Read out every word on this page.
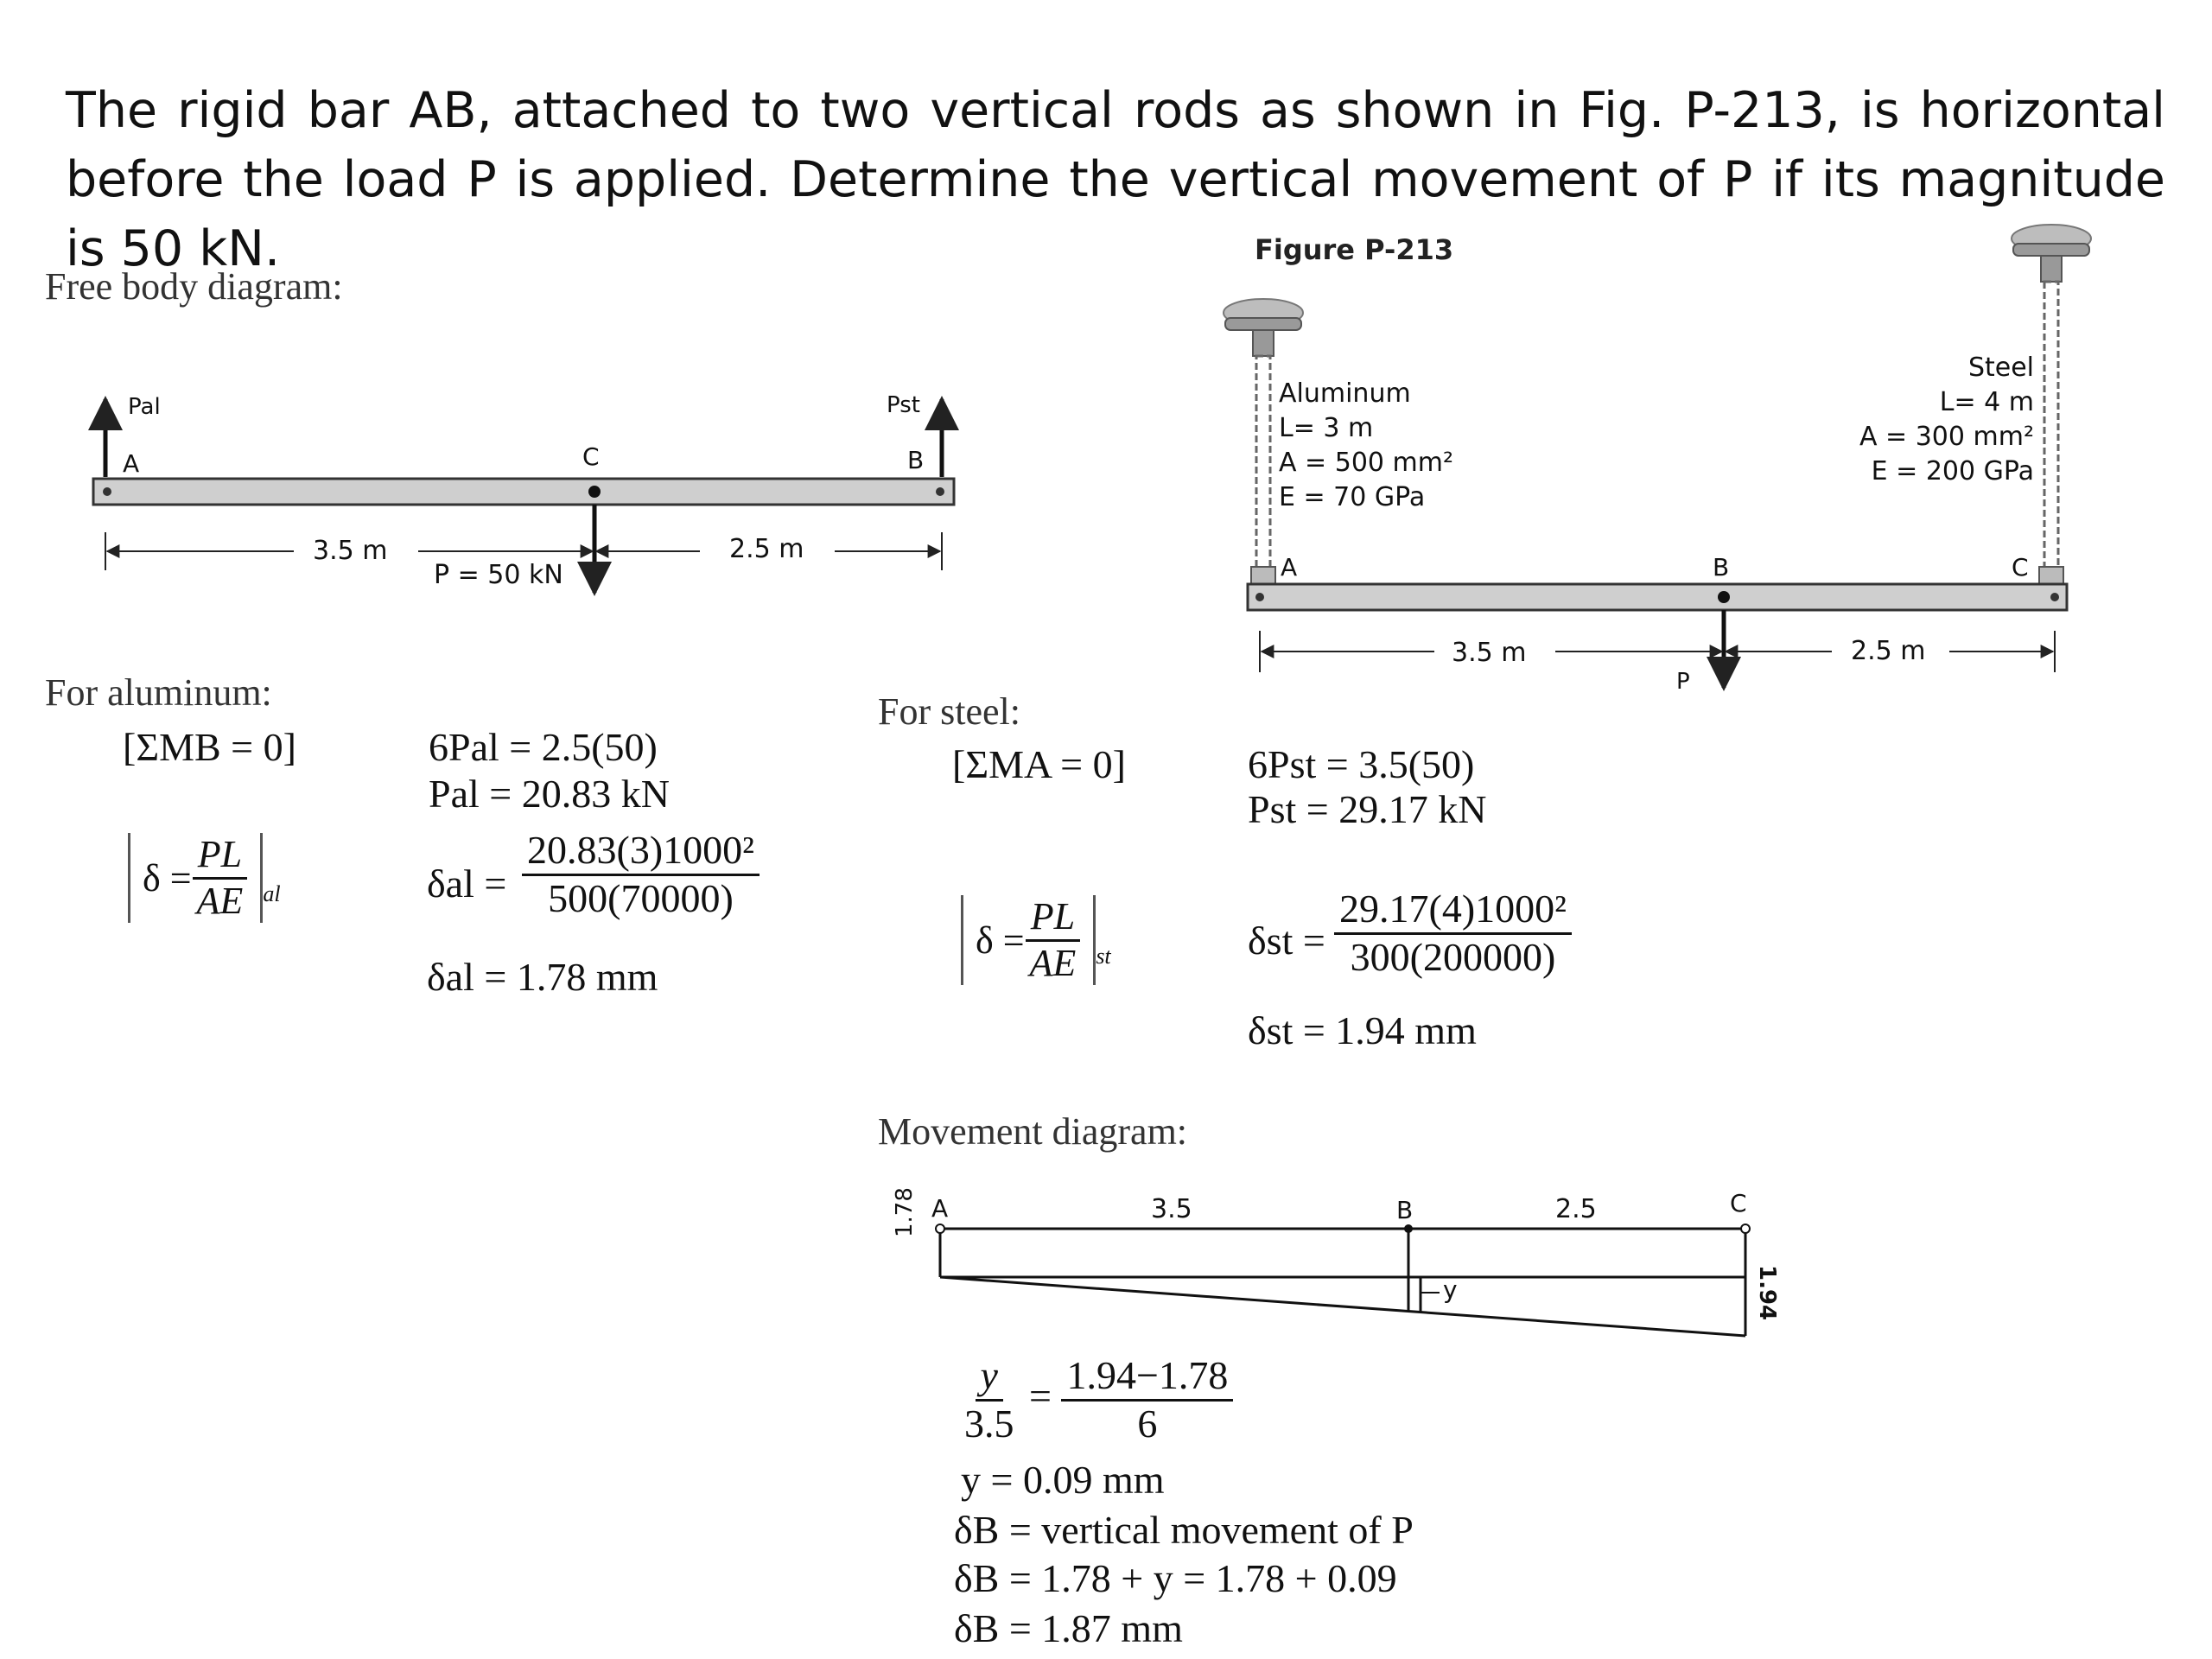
The rigid bar AB, attached to two vertical rods as shown in Fig. P-213, is horizontal before the load P is applied. Determine the vertical movement of P if its magnitude is 50 kN.
Free body diagram:
Pal	Pst
A	C	B
3.5 m	2.5 m
P = 50 kN
Figure P-213
Aluminum
L= 3 m
A = 500 mm²
E = 70 GPa
Steel
L= 4 m
A = 300 mm²
E = 200 GPa
A	B	C
3.5 m	2.5 m
P
For aluminum:
[ΣMB = 0]	6Pal = 2.5(50)
Pal = 20.83 kN
$\delta = \frac{PL}{AE}$ al	$\delta al = \frac{\text{20.83(3)1000²}}{500(70000)}$
δal = 1.78 mm
For steel:
[ΣMA = 0]	6Pst = 3.5(50)
Pst = 29.17 kN
$\delta = \frac{PL}{AE}$ st	$\delta st = \frac{\text{29.17(4)1000²}}{300(200000)}$
δst = 1.94 mm
Movement diagram:
A	B	C
3.5	2.5
1.78
1.94
y
$\frac{y}{3.5} = \frac{1.94-1.78}{6}$
y = 0.09 mm
δB = vertical movement of P
δB = 1.78 + y = 1.78 + 0.09
δB = 1.87 mm
